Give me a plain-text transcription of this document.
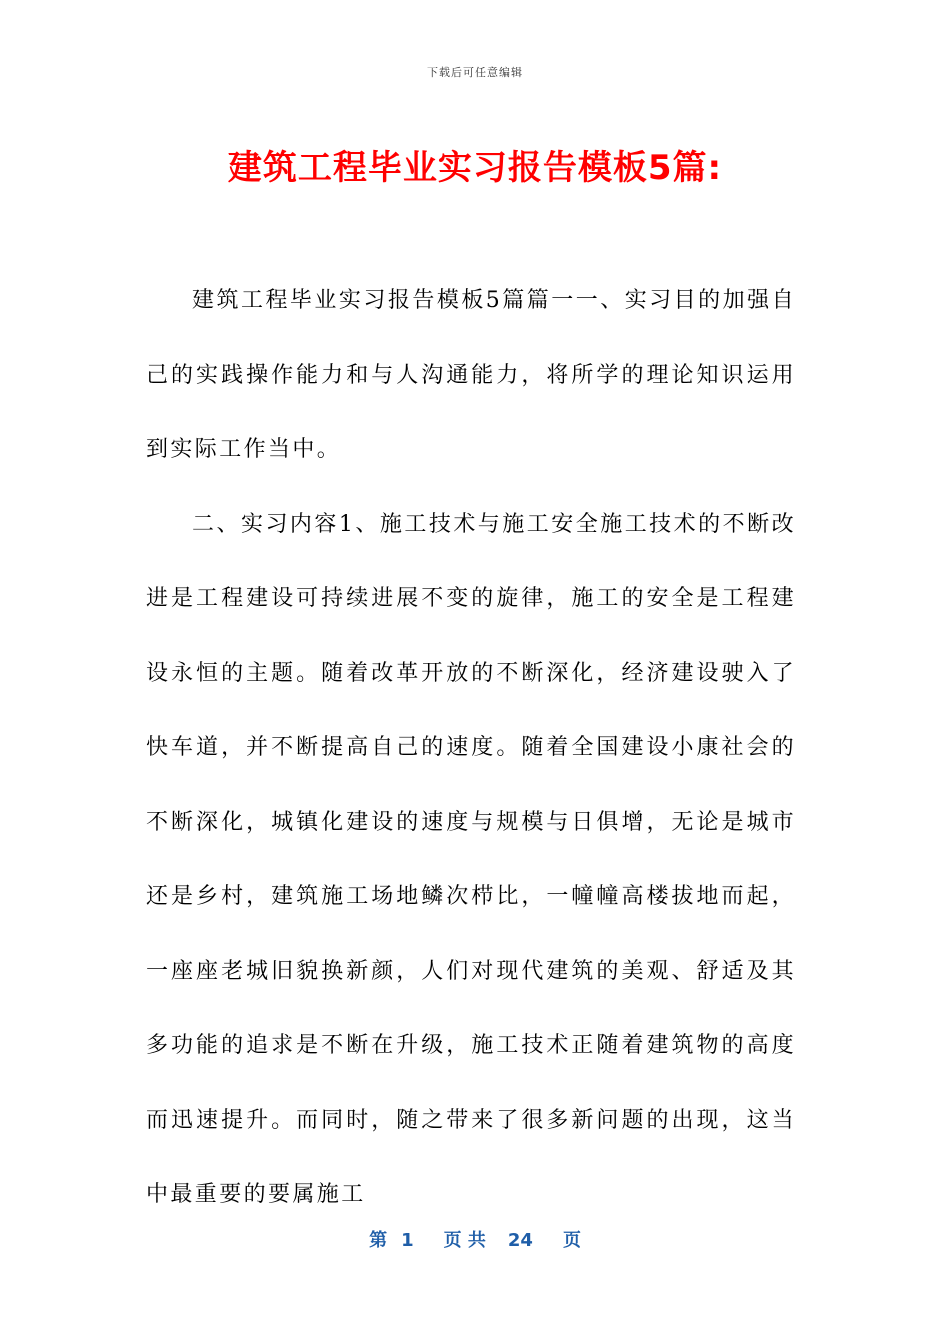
下载后可任意编辑
建筑工程毕业实习报告模板5篇:

建筑工程毕业实习报告模板5篇篇一一、实习目的加强自己的实践操作能力和与人沟通能力，将所学的理论知识运用到实际工作当中。

二、实习内容1、施工技术与施工安全施工技术的不断改进是工程建设可持续进展不变的旋律，施工的安全是工程建设永恒的主题。随着改革开放的不断深化，经济建设驶入了快车道，并不断提高自己的速度。随着全国建设小康社会的不断深化，城镇化建设的速度与规模与日俱增，无论是城市还是乡村，建筑施工场地鳞次栉比，一幢幢高楼拔地而起，一座座老城旧貌换新颜，人们对现代建筑的美观、舒适及其多功能的追求是不断在升级，施工技术正随着建筑物的高度而迅速提升。而同时，随之带来了很多新问题的出现，这当中最重要的要属施工

第 1 页 共 24 页
